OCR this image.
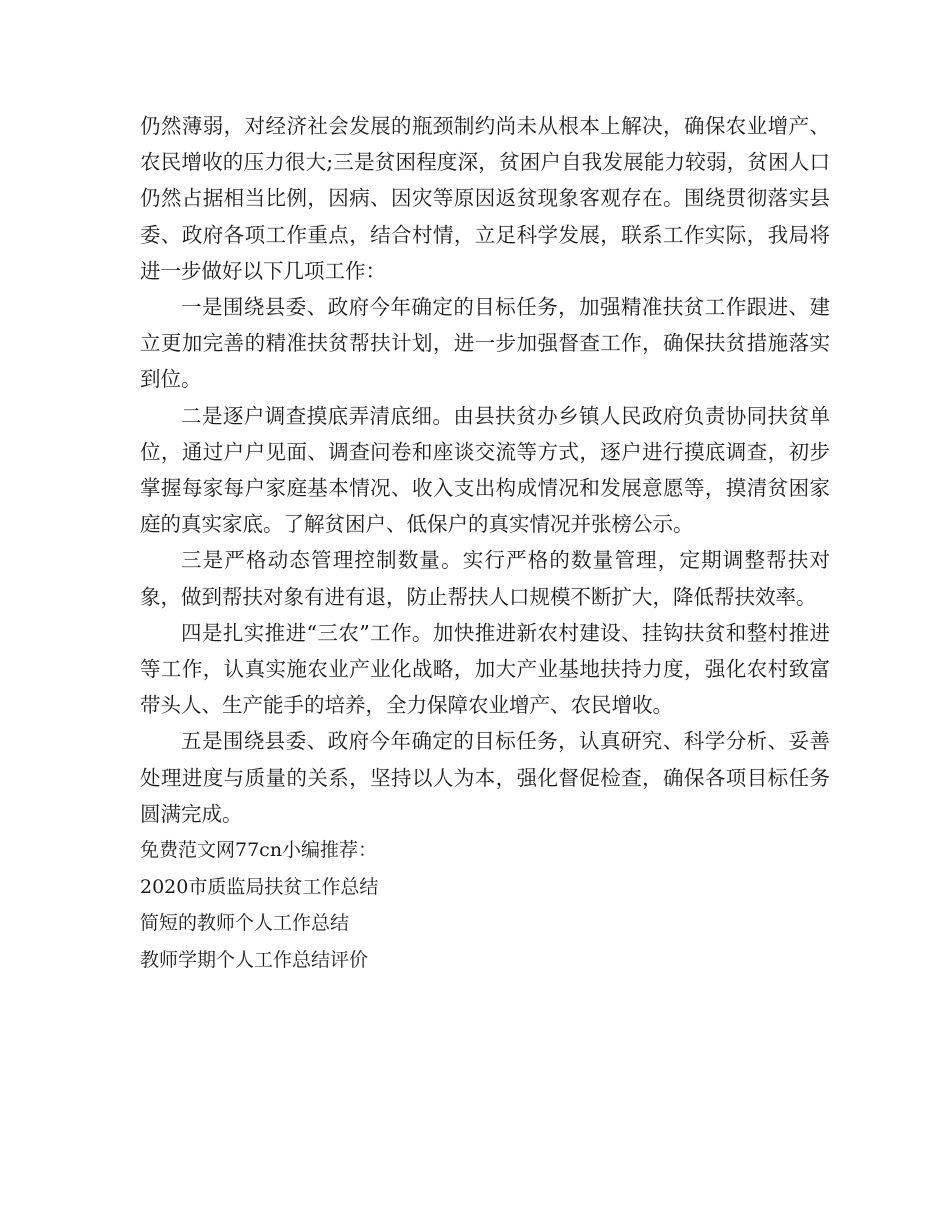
仍然薄弱，对经济社会发展的瓶颈制约尚未从根本上解决，确保农业增产、农民增收的压力很大;三是贫困程度深，贫困户自我发展能力较弱，贫困人口仍然占据相当比例，因病、因灾等原因返贫现象客观存在。围绕贯彻落实县委、政府各项工作重点，结合村情，立足科学发展，联系工作实际，我局将进一步做好以下几项工作：

一是围绕县委、政府今年确定的目标任务，加强精准扶贫工作跟进、建立更加完善的精准扶贫帮扶计划，进一步加强督查工作，确保扶贫措施落实到位。

二是逐户调查摸底弄清底细。由县扶贫办乡镇人民政府负责协同扶贫单位，通过户户见面、调查问卷和座谈交流等方式，逐户进行摸底调查，初步掌握每家每户家庭基本情况、收入支出构成情况和发展意愿等，摸清贫困家庭的真实家底。了解贫困户、低保户的真实情况并张榜公示。

三是严格动态管理控制数量。实行严格的数量管理，定期调整帮扶对象，做到帮扶对象有进有退，防止帮扶人口规模不断扩大，降低帮扶效率。

四是扎实推进“三农”工作。加快推进新农村建设、挂钩扶贫和整村推进等工作，认真实施农业产业化战略，加大产业基地扶持力度，强化农村致富带头人、生产能手的培养，全力保障农业增产、农民增收。

五是围绕县委、政府今年确定的目标任务，认真研究、科学分析、妥善处理进度与质量的关系，坚持以人为本，强化督促检查，确保各项目标任务圆满完成。

免费范文网77cn小编推荐：

2020市质监局扶贫工作总结

简短的教师个人工作总结

教师学期个人工作总结评价
